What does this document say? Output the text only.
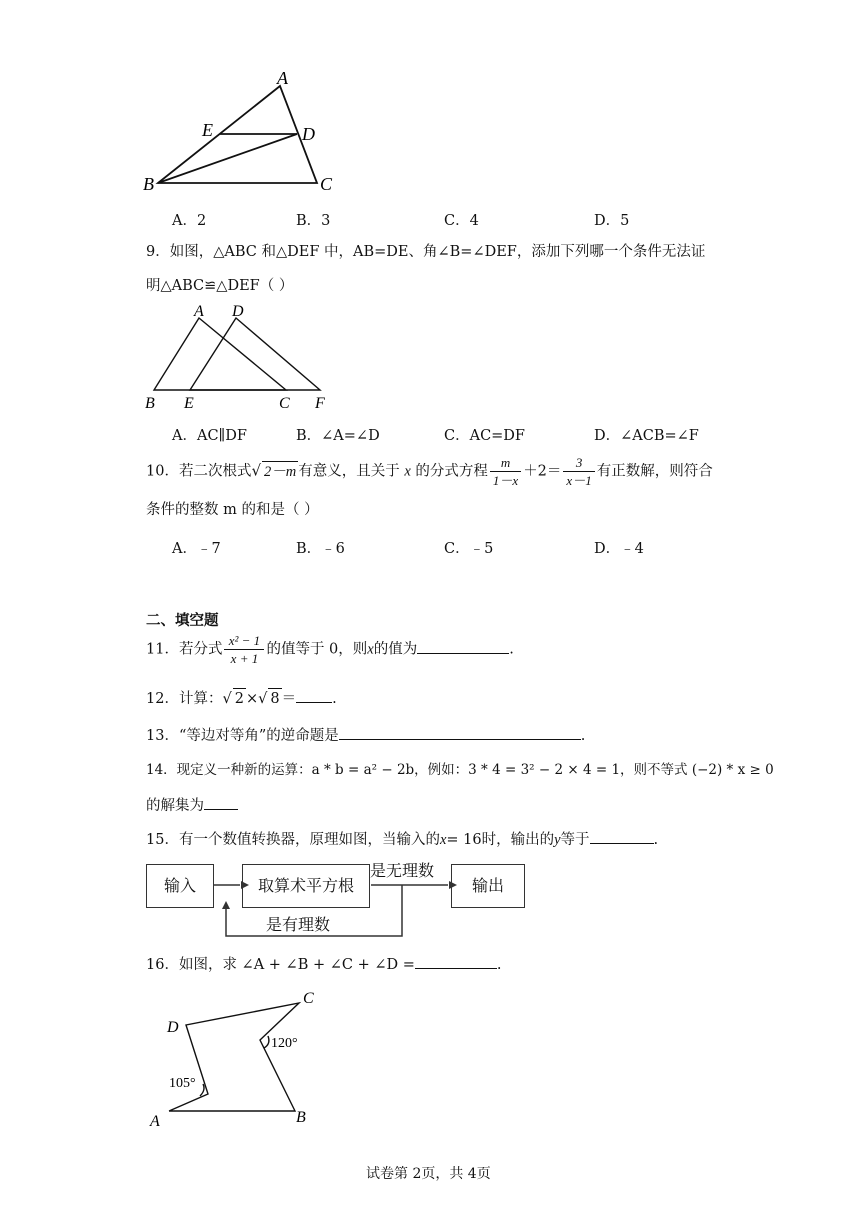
A
E	D
B	C
A．2	B．3	C．4	D．5
9．如图，△ABC 和△DEF 中，AB=DE、角∠B=∠DEF，添加下列哪一个条件无法证
明△ABC≌△DEF（ ）
A D
B E	C F
A．AC∥DF	B．∠A=∠D	C．AC=DF	D．∠ACB=∠F
10．若二次根式√ 2－m 有意义，且关于 x 的分式方程 $\frac{m}{1-x} +2= \frac{3}{x-1}$ 有正数解，则符合
条件的整数 m 的和是（ ）
A．﹣7	B．﹣6	C．﹣5	D．﹣4
二、填空题
11．若分式 $\frac{\text{x² − 1}}{x + 1}$ 的值等于 0，则x的值为	.
12．计算：√ 2 ×√ 8 ＝ .
13．“等边对等角”的逆命题是	.
14．现定义一种新的运算：a * b = a² − 2b，例如：3 * 4 = 3² − 2 × 4 = 1，则不等式 (−2) * x ≥ 0
的解集为
15．有一个数值转换器，原理如图，当输入的x= 16时，输出的y等于	.
输入	取算术平方根	输出
是无理数
是有理数
16．如图，求 ∠A + ∠B + ∠C + ∠D =	.
C
D
120°
105°
A	B
试卷第 2页，共 4页
